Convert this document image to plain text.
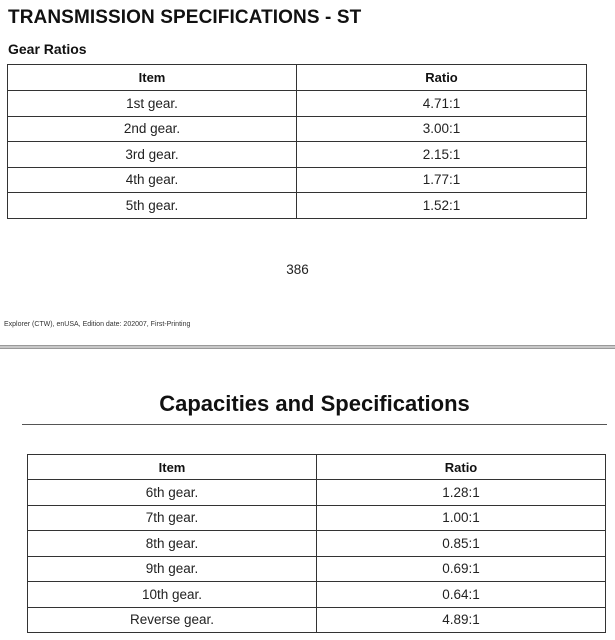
TRANSMISSION SPECIFICATIONS - ST
Gear Ratios
Item	Ratio
1st gear.	4.71:1
2nd gear.	3.00:1
3rd gear.	2.15:1
4th gear.	1.77:1
5th gear.	1.52:1
386
Explorer (CTW), enUSA, Edition date: 202007, First-Printing
Capacities and Specifications
Item	Ratio
6th gear.	1.28:1
7th gear.	1.00:1
8th gear.	0.85:1
9th gear.	0.69:1
10th gear.	0.64:1
Reverse gear.	4.89:1
